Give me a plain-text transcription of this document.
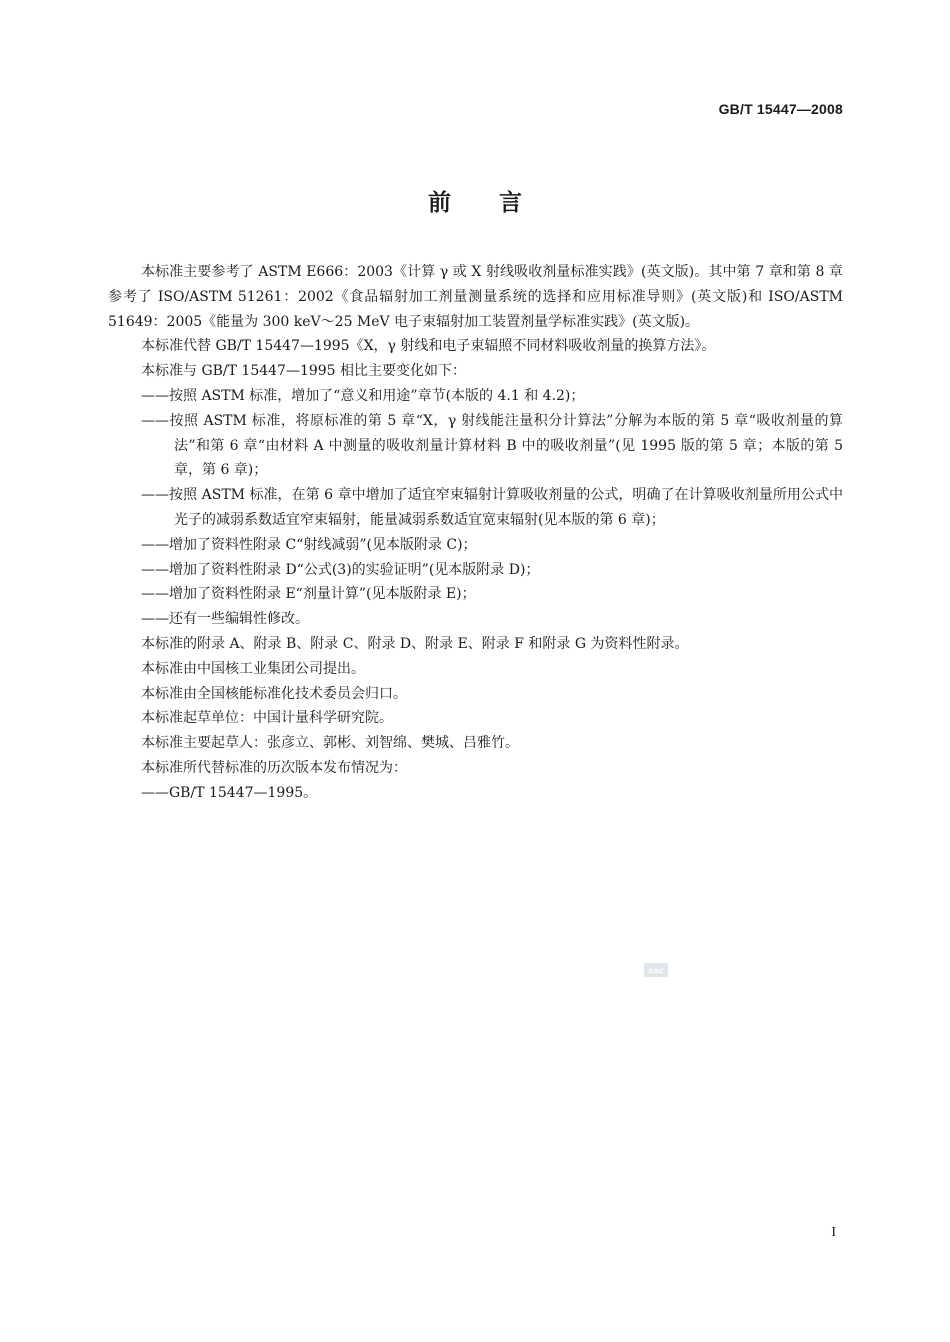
GB/T 15447—2008
前言

本标准主要参考了 ASTM E666：2003《计算 γ 或 X 射线吸收剂量标准实践》(英文版)。其中第 7 章和第 8 章参考了 ISO/ASTM 51261：2002《食品辐射加工剂量测量系统的选择和应用标准导则》(英文版)和 ISO/ASTM 51649：2005《能量为 300 keV～25 MeV 电子束辐射加工装置剂量学标准实践》(英文版)。

本标准代替 GB/T 15447—1995《X，γ 射线和电子束辐照不同材料吸收剂量的换算方法》。

本标准与 GB/T 15447—1995 相比主要变化如下：

——按照 ASTM 标准，增加了“意义和用途”章节(本版的 4.1 和 4.2)；

——按照 ASTM 标准，将原标准的第 5 章“X，γ 射线能注量积分计算法”分解为本版的第 5 章“吸收剂量的算法”和第 6 章“由材料 A 中测量的吸收剂量计算材料 B 中的吸收剂量”(见 1995 版的第 5 章；本版的第 5 章，第 6 章)；

——按照 ASTM 标准，在第 6 章中增加了适宜窄束辐射计算吸收剂量的公式，明确了在计算吸收剂量所用公式中光子的减弱系数适宜窄束辐射，能量减弱系数适宜宽束辐射(见本版的第 6 章)；

——增加了资料性附录 C“射线减弱”(见本版附录 C)；

——增加了资料性附录 D“公式(3)的实验证明”(见本版附录 D)；

——增加了资料性附录 E“剂量计算”(见本版附录 E)；

——还有一些编辑性修改。

本标准的附录 A、附录 B、附录 C、附录 D、附录 E、附录 F 和附录 G 为资料性附录。

本标准由中国核工业集团公司提出。

本标准由全国核能标准化技术委员会归口。

本标准起草单位：中国计量科学研究院。

本标准主要起草人：张彦立、郭彬、刘智绵、樊城、吕雅竹。

本标准所代替标准的历次版本发布情况为：

——GB/T 15447—1995。

SAC
I
